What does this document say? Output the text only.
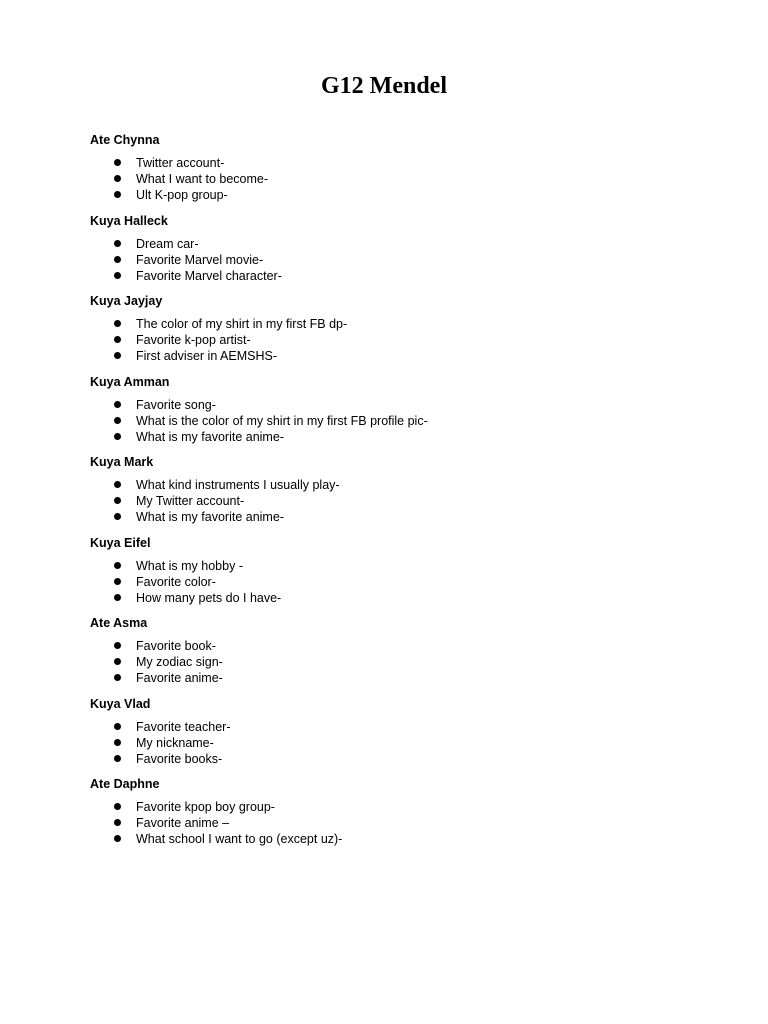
G12 Mendel
Ate Chynna
Twitter account-
What I want to become-
Ult K-pop group-
Kuya Halleck
Dream car-
Favorite Marvel movie-
Favorite Marvel character-
Kuya Jayjay
The color of my shirt in my first FB dp-
Favorite k-pop artist-
First adviser in AEMSHS-
Kuya Amman
Favorite song-
What is the color of my shirt in my first FB profile pic-
What is my favorite anime-
Kuya Mark
What kind instruments I usually play-
My Twitter account-
What is my favorite anime-
Kuya Eifel
What is my hobby -
Favorite color-
How many pets do I have-
Ate Asma
Favorite book-
My zodiac sign-
Favorite anime-
Kuya Vlad
Favorite teacher-
My nickname-
Favorite books-
Ate Daphne
Favorite kpop boy group-
Favorite anime –
What school I want to go (except uz)-
